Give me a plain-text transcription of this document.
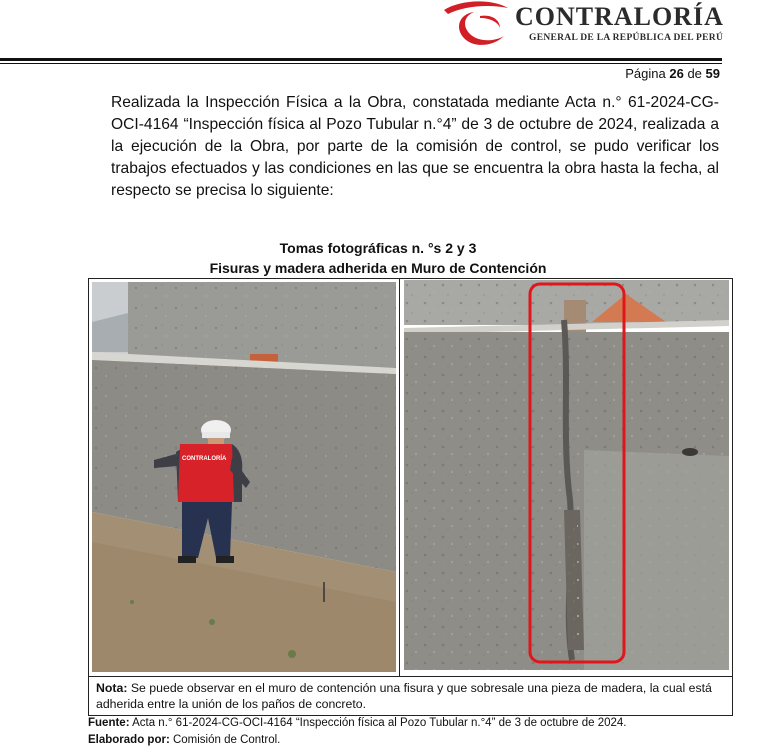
CONTRALORÍA
GENERAL DE LA REPÚBLICA DEL PERÚ
Página 26 de 59
Realizada la Inspección Física a la Obra, constatada mediante Acta n.° 61-2024-CG-OCI-4164 “Inspección física al Pozo Tubular n.°4” de 3 de octubre de 2024, realizada a la ejecución de la Obra, por parte de la comisión de control, se pudo verificar los trabajos efectuados y las condiciones en las que se encuentra la obra hasta la fecha, al respecto se precisa lo siguiente:
Tomas fotográficas n. °s 2 y 3
Fisuras y madera adherida en Muro de Contención
CONTRALORÍA
Nota: Se puede observar en el muro de contención una fisura y que sobresale una pieza de madera, la cual está adherida entre la unión de los paños de concreto.
Fuente: Acta n.° 61-2024-CG-OCI-4164 “Inspección física al Pozo Tubular n.°4” de 3 de octubre de 2024.
Elaborado por: Comisión de Control.
